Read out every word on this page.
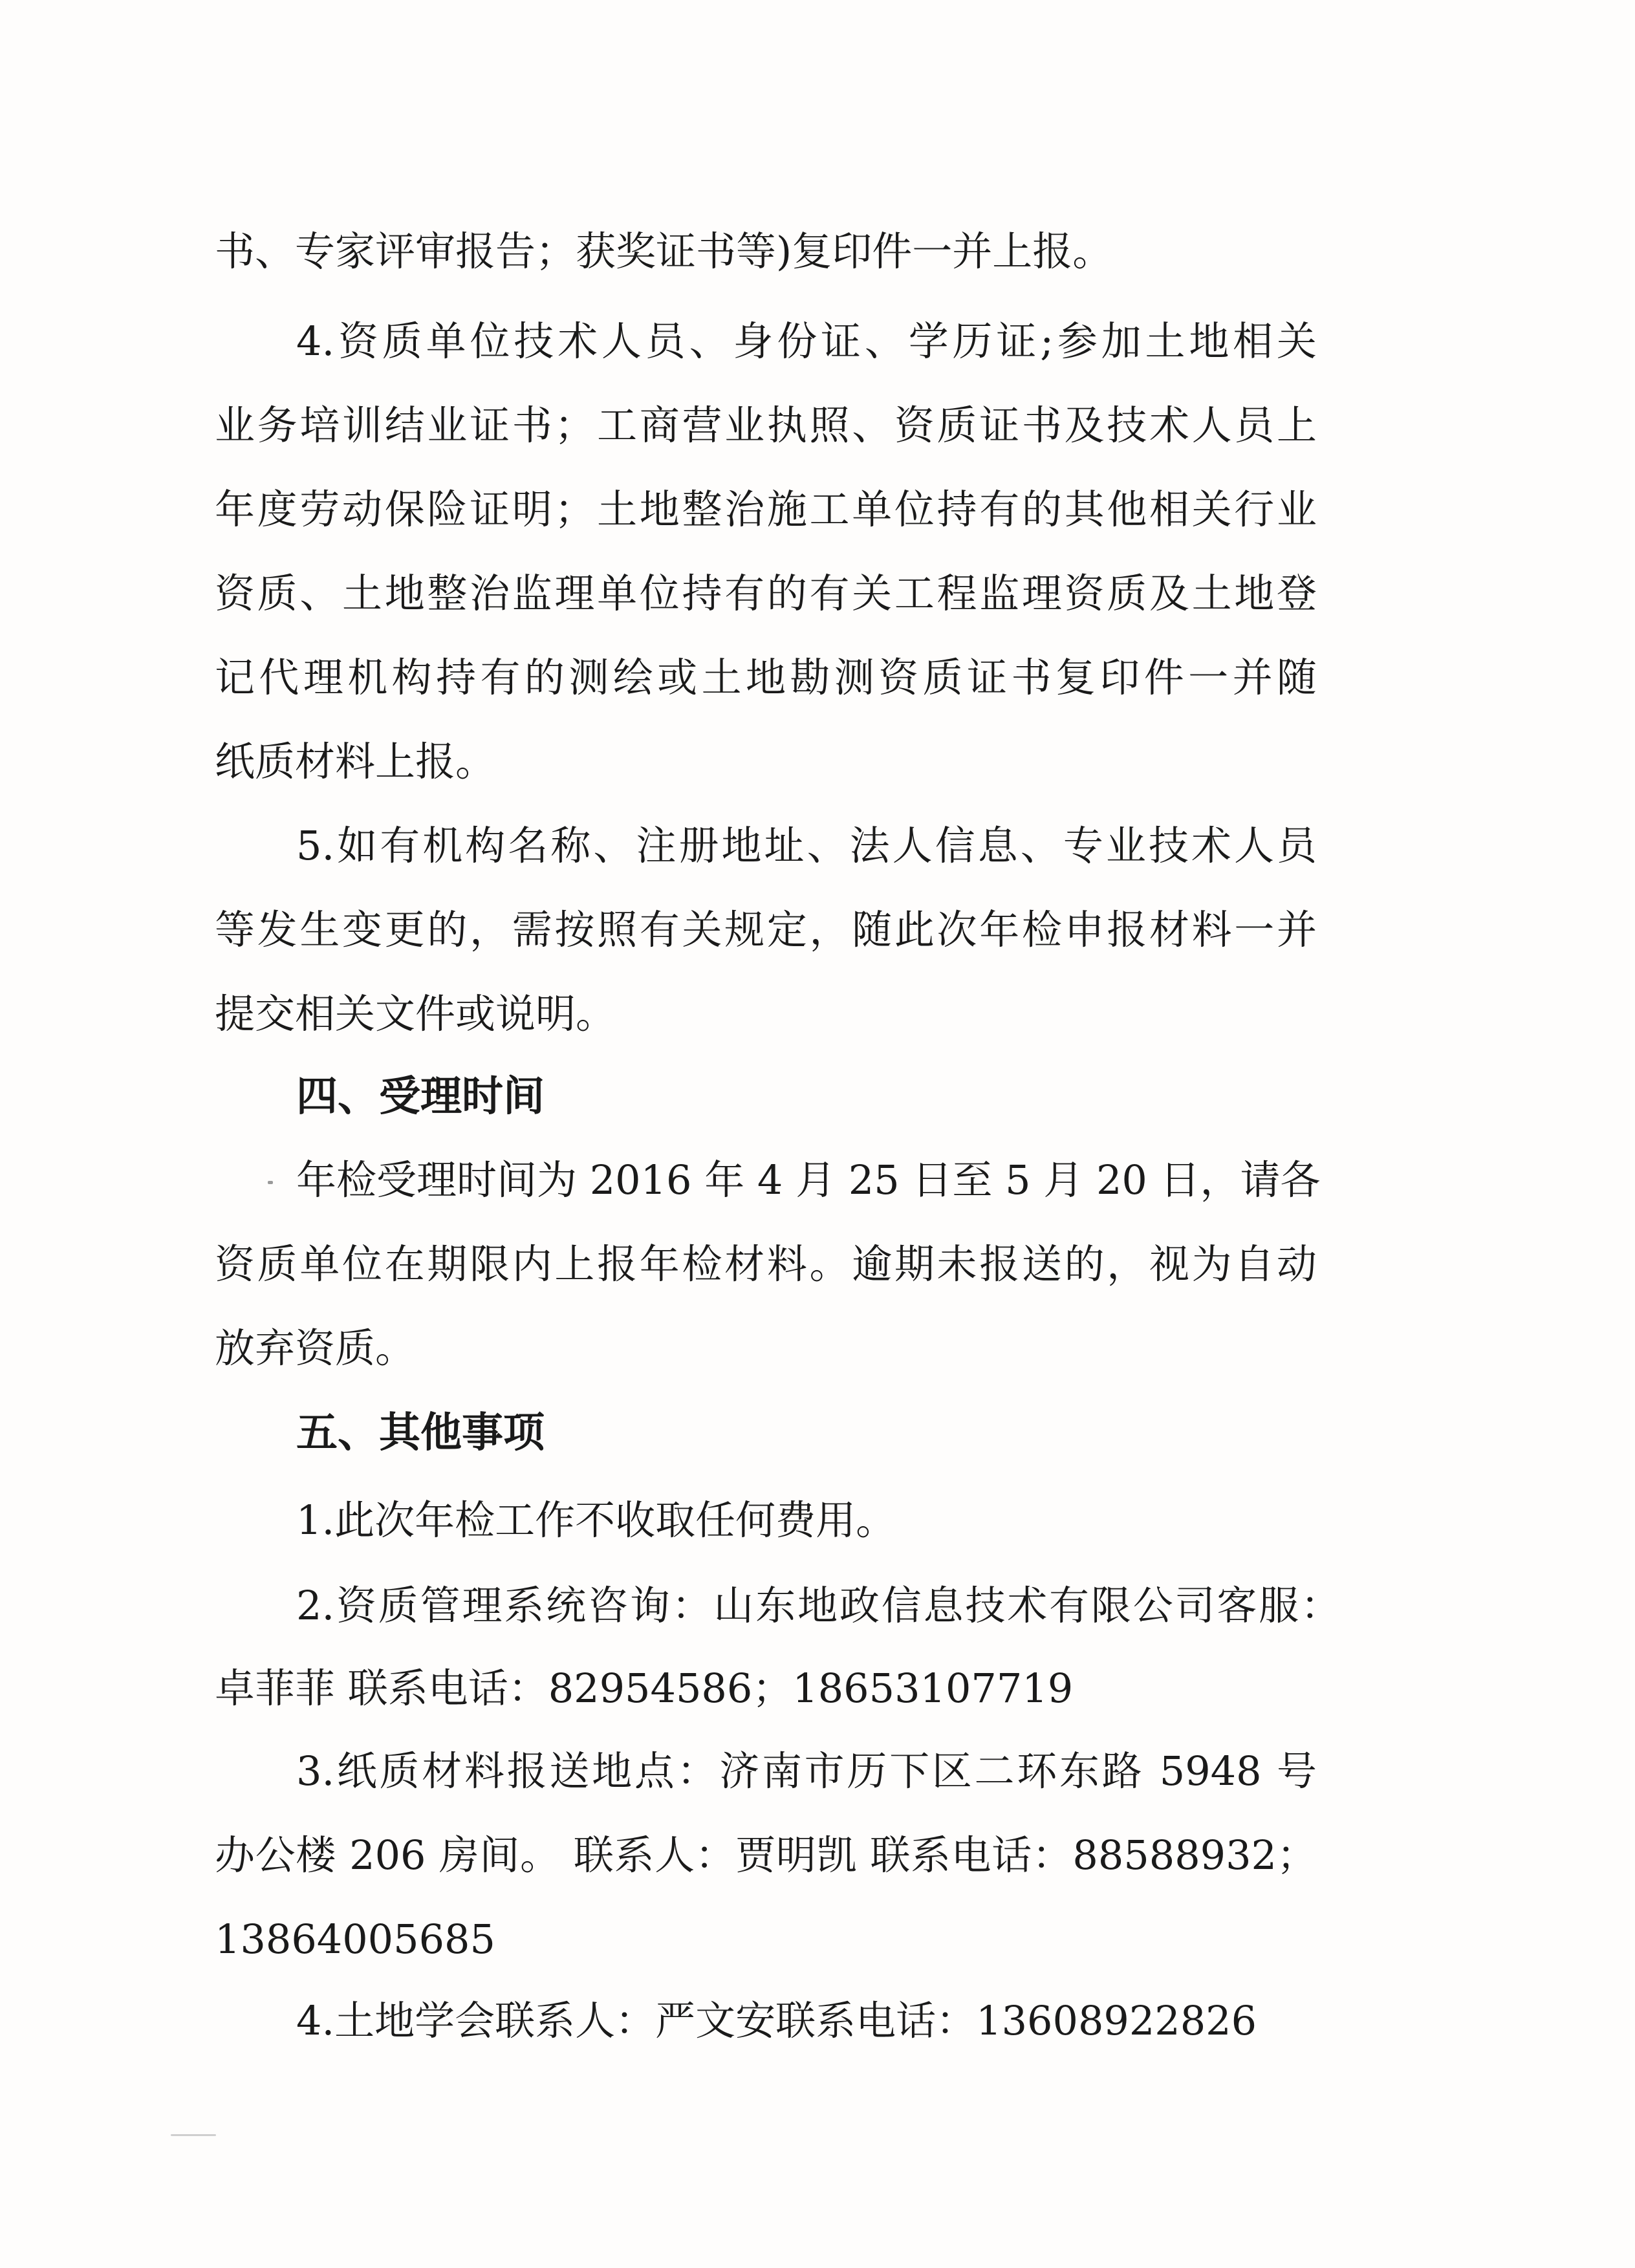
书、专家评审报告；获奖证书等)复印件一并上报。
4.资质单位技术人员、身份证、学历证;参加土地相关
业务培训结业证书；工商营业执照、资质证书及技术人员上
年度劳动保险证明；土地整治施工单位持有的其他相关行业
资质、土地整治监理单位持有的有关工程监理资质及土地登
记代理机构持有的测绘或土地勘测资质证书复印件一并随
纸质材料上报。
5.如有机构名称、注册地址、法人信息、专业技术人员
等发生变更的，需按照有关规定，随此次年检申报材料一并
提交相关文件或说明。
四、受理时间
年检受理时间为 2016 年 4 月 25 日至 5 月 20 日，请各
资质单位在期限内上报年检材料。逾期未报送的，视为自动
放弃资质。
五、其他事项
1.此次年检工作不收取任何费用。
2.资质管理系统咨询：山东地政信息技术有限公司客服：
卓菲菲 联系电话：82954586；18653107719
3.纸质材料报送地点：济南市历下区二环东路 5948 号
办公楼 206 房间。 联系人：贾明凯 联系电话：88588932；
13864005685
4.土地学会联系人：严文安联系电话：13608922826
